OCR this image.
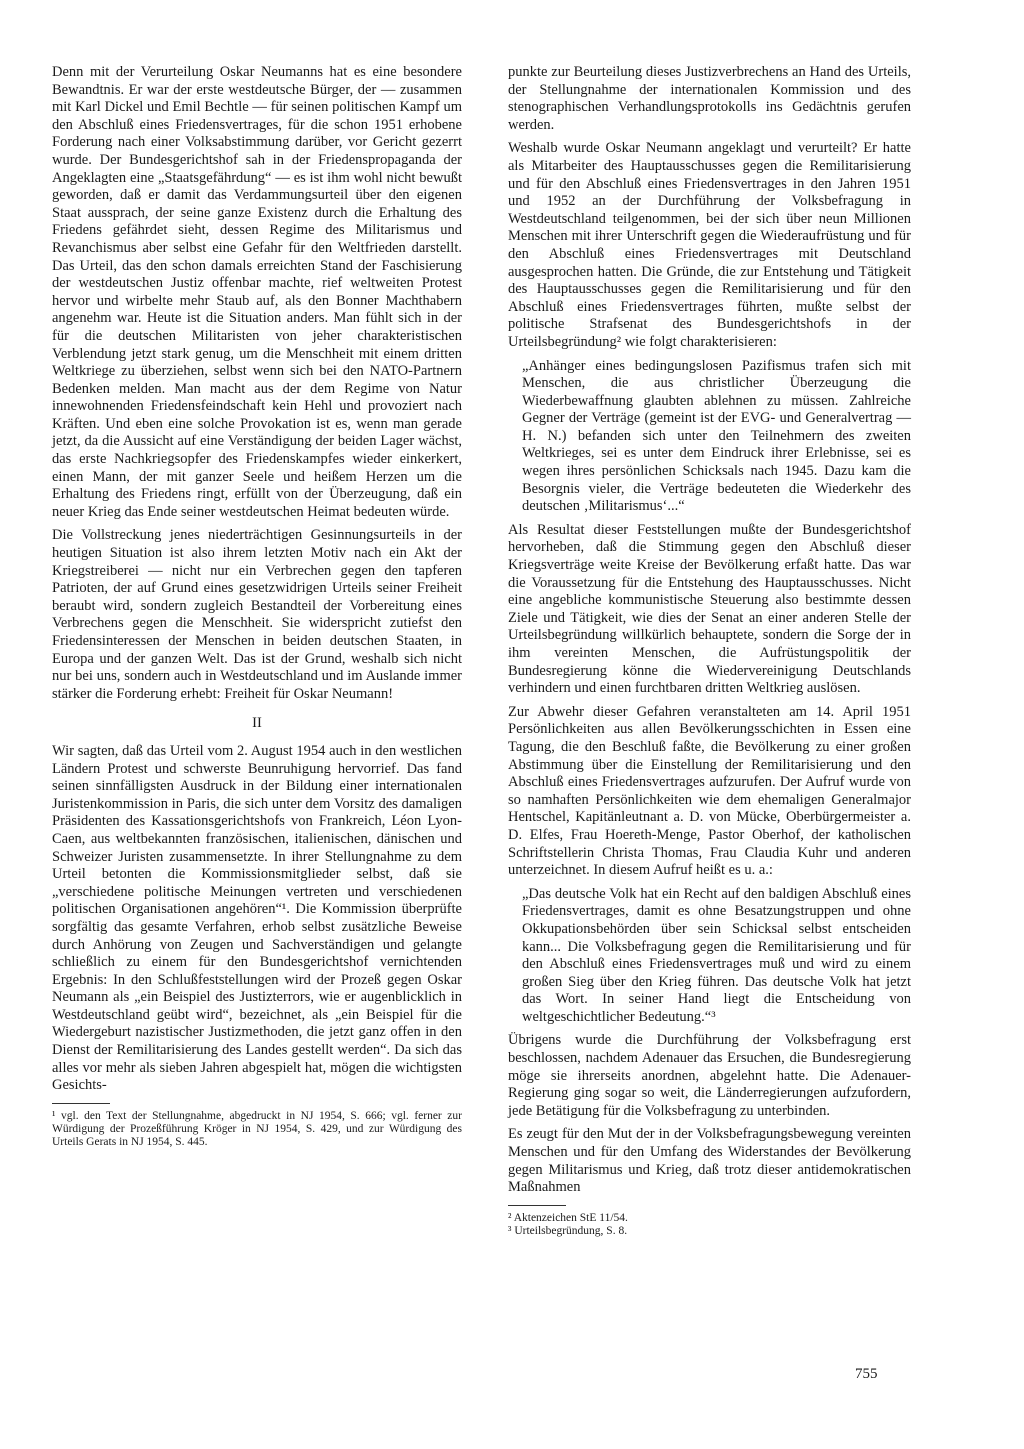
Denn mit der Verurteilung Oskar Neumanns hat es eine besondere Bewandtnis. Er war der erste westdeutsche Bürger, der — zusammen mit Karl Dickel und Emil Bechtle — für seinen politischen Kampf um den Abschluß eines Friedensvertrages, für die schon 1951 erhobene Forderung nach einer Volksabstimmung darüber, vor Gericht gezerrt wurde. Der Bundesgerichtshof sah in der Friedenspropaganda der Angeklagten eine „Staatsgefährdung“ — es ist ihm wohl nicht bewußt geworden, daß er damit das Verdammungsurteil über den eigenen Staat aussprach, der seine ganze Existenz durch die Erhaltung des Friedens gefährdet sieht, dessen Regime des Militarismus und Revanchismus aber selbst eine Gefahr für den Weltfrieden darstellt. Das Urteil, das den schon damals erreichten Stand der Faschisierung der westdeutschen Justiz offenbar machte, rief weltweiten Protest hervor und wirbelte mehr Staub auf, als den Bonner Machthabern angenehm war. Heute ist die Situation anders. Man fühlt sich in der für die deutschen Militaristen von jeher charakteristischen Verblendung jetzt stark genug, um die Menschheit mit einem dritten Weltkriege zu überziehen, selbst wenn sich bei den NATO-Partnern Bedenken melden. Man macht aus der dem Regime von Natur innewohnenden Friedensfeindschaft kein Hehl und provoziert nach Kräften. Und eben eine solche Provokation ist es, wenn man gerade jetzt, da die Aussicht auf eine Verständigung der beiden Lager wächst, das erste Nachkriegsopfer des Friedenskampfes wieder einkerkert, einen Mann, der mit ganzer Seele und heißem Herzen um die Erhaltung des Friedens ringt, erfüllt von der Überzeugung, daß ein neuer Krieg das Ende seiner westdeutschen Heimat bedeuten würde.

Die Vollstreckung jenes niederträchtigen Gesinnungsurteils in der heutigen Situation ist also ihrem letzten Motiv nach ein Akt der Kriegstreiberei — nicht nur ein Verbrechen gegen den tapferen Patrioten, der auf Grund eines gesetzwidrigen Urteils seiner Freiheit beraubt wird, sondern zugleich Bestandteil der Vorbereitung eines Verbrechens gegen die Menschheit. Sie widerspricht zutiefst den Friedensinteressen der Menschen in beiden deutschen Staaten, in Europa und der ganzen Welt. Das ist der Grund, weshalb sich nicht nur bei uns, sondern auch in Westdeutschland und im Auslande immer stärker die Forderung erhebt: Freiheit für Oskar Neumann!

II

Wir sagten, daß das Urteil vom 2. August 1954 auch in den westlichen Ländern Protest und schwerste Beunruhigung hervorrief. Das fand seinen sinnfälligsten Ausdruck in der Bildung einer internationalen Juristenkommission in Paris, die sich unter dem Vorsitz des damaligen Präsidenten des Kassationsgerichtshofs von Frankreich, Léon Lyon-Caen, aus weltbekannten französischen, italienischen, dänischen und Schweizer Juristen zusammensetzte. In ihrer Stellungnahme zu dem Urteil betonten die Kommissionsmitglieder selbst, daß sie „verschiedene politische Meinungen vertreten und verschiedenen politischen Organisationen angehören“¹. Die Kommission überprüfte sorgfältig das gesamte Verfahren, erhob selbst zusätzliche Beweise durch Anhörung von Zeugen und Sachverständigen und gelangte schließlich zu einem für den Bundesgerichtshof vernichtenden Ergebnis: In den Schlußfeststellungen wird der Prozeß gegen Oskar Neumann als „ein Beispiel des Justizterrors, wie er augenblicklich in Westdeutschland geübt wird“, bezeichnet, als „ein Beispiel für die Wiedergeburt nazistischer Justizmethoden, die jetzt ganz offen in den Dienst der Remilitarisierung des Landes gestellt werden“. Da sich das alles vor mehr als sieben Jahren abgespielt hat, mögen die wichtigsten Gesichts-

¹ vgl. den Text der Stellungnahme, abgedruckt in NJ 1954, S. 666; vgl. ferner zur Würdigung der Prozeßführung Kröger in NJ 1954, S. 429, und zur Würdigung des Urteils Gerats in NJ 1954, S. 445.

punkte zur Beurteilung dieses Justizverbrechens an Hand des Urteils, der Stellungnahme der internationalen Kommission und des stenographischen Verhandlungsprotokolls ins Gedächtnis gerufen werden.

Weshalb wurde Oskar Neumann angeklagt und verurteilt? Er hatte als Mitarbeiter des Hauptausschusses gegen die Remilitarisierung und für den Abschluß eines Friedensvertrages in den Jahren 1951 und 1952 an der Durchführung der Volksbefragung in Westdeutschland teilgenommen, bei der sich über neun Millionen Menschen mit ihrer Unterschrift gegen die Wiederaufrüstung und für den Abschluß eines Friedensvertrages mit Deutschland ausgesprochen hatten. Die Gründe, die zur Entstehung und Tätigkeit des Hauptausschusses gegen die Remilitarisierung und für den Abschluß eines Friedensvertrages führten, mußte selbst der politische Strafsenat des Bundesgerichtshofs in der Urteilsbegründung² wie folgt charakterisieren:

„Anhänger eines bedingungslosen Pazifismus trafen sich mit Menschen, die aus christlicher Überzeugung die Wiederbewaffnung glaubten ablehnen zu müssen. Zahlreiche Gegner der Verträge (gemeint ist der EVG- und Generalvertrag — H. N.) befanden sich unter den Teilnehmern des zweiten Weltkrieges, sei es unter dem Eindruck ihrer Erlebnisse, sei es wegen ihres persönlichen Schicksals nach 1945. Dazu kam die Besorgnis vieler, die Verträge bedeuteten die Wiederkehr des deutschen ‚Militarismus‘...“

Als Resultat dieser Feststellungen mußte der Bundesgerichtshof hervorheben, daß die Stimmung gegen den Abschluß dieser Kriegsverträge weite Kreise der Bevölkerung erfaßt hatte. Das war die Voraussetzung für die Entstehung des Hauptausschusses. Nicht eine angebliche kommunistische Steuerung also bestimmte dessen Ziele und Tätigkeit, wie dies der Senat an einer anderen Stelle der Urteilsbegründung willkürlich behauptete, sondern die Sorge der in ihm vereinten Menschen, die Aufrüstungspolitik der Bundesregierung könne die Wiedervereinigung Deutschlands verhindern und einen furchtbaren dritten Weltkrieg auslösen.

Zur Abwehr dieser Gefahren veranstalteten am 14. April 1951 Persönlichkeiten aus allen Bevölkerungsschichten in Essen eine Tagung, die den Beschluß faßte, die Bevölkerung zu einer großen Abstimmung über die Einstellung der Remilitarisierung und den Abschluß eines Friedensvertrages aufzurufen. Der Aufruf wurde von so namhaften Persönlichkeiten wie dem ehemaligen Generalmajor Hentschel, Kapitänleutnant a. D. von Mücke, Oberbürgermeister a. D. Elfes, Frau Hoereth-Menge, Pastor Oberhof, der katholischen Schriftstellerin Christa Thomas, Frau Claudia Kuhr und anderen unterzeichnet. In diesem Aufruf heißt es u. a.:

„Das deutsche Volk hat ein Recht auf den baldigen Abschluß eines Friedensvertrages, damit es ohne Besatzungstruppen und ohne Okkupationsbehörden über sein Schicksal selbst entscheiden kann... Die Volksbefragung gegen die Remilitarisierung und für den Abschluß eines Friedensvertrages muß und wird zu einem großen Sieg über den Krieg führen. Das deutsche Volk hat jetzt das Wort. In seiner Hand liegt die Entscheidung von weltgeschichtlicher Bedeutung.“³

Übrigens wurde die Durchführung der Volksbefragung erst beschlossen, nachdem Adenauer das Ersuchen, die Bundesregierung möge sie ihrerseits anordnen, abgelehnt hatte. Die Adenauer-Regierung ging sogar so weit, die Länderregierungen aufzufordern, jede Betätigung für die Volksbefragung zu unterbinden.

Es zeugt für den Mut der in der Volksbefragungsbewegung vereinten Menschen und für den Umfang des Widerstandes der Bevölkerung gegen Militarismus und Krieg, daß trotz dieser antidemokratischen Maßnahmen

² Aktenzeichen StE 11/54.

³ Urteilsbegründung, S. 8.

755
